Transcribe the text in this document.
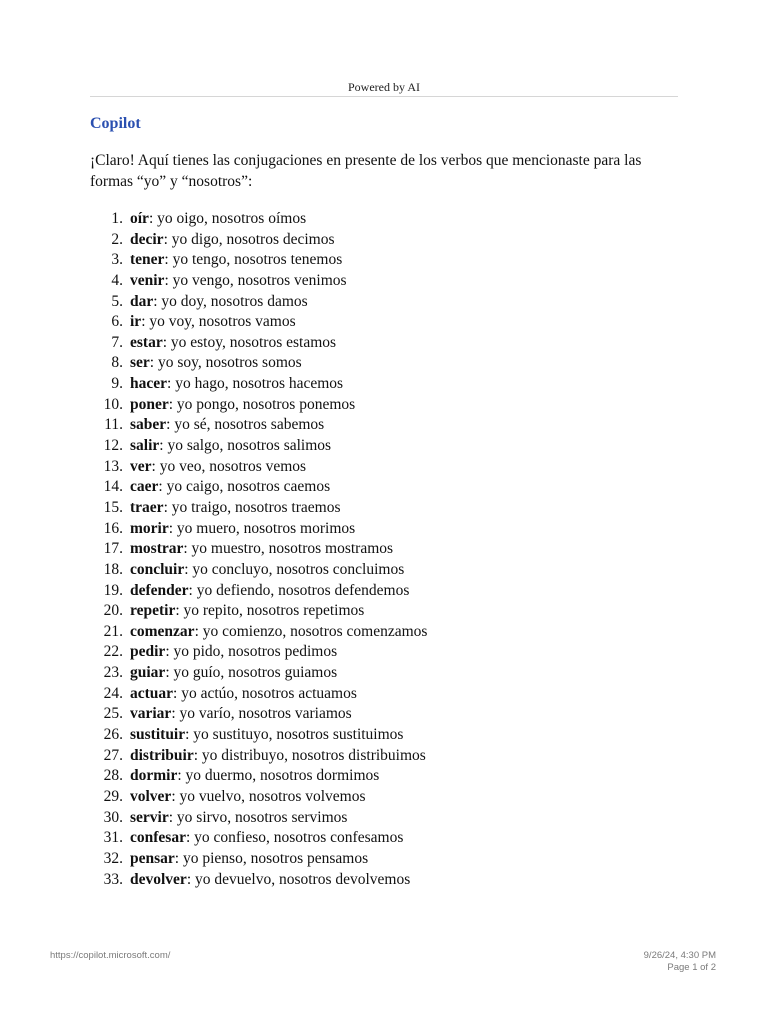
Powered by AI
Copilot

¡Claro! Aquí tienes las conjugaciones en presente de los verbos que mencionaste para las formas “yo” y “nosotros”:

1. oír: yo oigo, nosotros oímos
2. decir: yo digo, nosotros decimos
3. tener: yo tengo, nosotros tenemos
4. venir: yo vengo, nosotros venimos
5. dar: yo doy, nosotros damos
6. ir: yo voy, nosotros vamos
7. estar: yo estoy, nosotros estamos
8. ser: yo soy, nosotros somos
9. hacer: yo hago, nosotros hacemos
10. poner: yo pongo, nosotros ponemos
11. saber: yo sé, nosotros sabemos
12. salir: yo salgo, nosotros salimos
13. ver: yo veo, nosotros vemos
14. caer: yo caigo, nosotros caemos
15. traer: yo traigo, nosotros traemos
16. morir: yo muero, nosotros morimos
17. mostrar: yo muestro, nosotros mostramos
18. concluir: yo concluyo, nosotros concluimos
19. defender: yo defiendo, nosotros defendemos
20. repetir: yo repito, nosotros repetimos
21. comenzar: yo comienzo, nosotros comenzamos
22. pedir: yo pido, nosotros pedimos
23. guiar: yo guío, nosotros guiamos
24. actuar: yo actúo, nosotros actuamos
25. variar: yo varío, nosotros variamos
26. sustituir: yo sustituyo, nosotros sustituimos
27. distribuir: yo distribuyo, nosotros distribuimos
28. dormir: yo duermo, nosotros dormimos
29. volver: yo vuelvo, nosotros volvemos
30. servir: yo sirvo, nosotros servimos
31. confesar: yo confieso, nosotros confesamos
32. pensar: yo pienso, nosotros pensamos
33. devolver: yo devuelvo, nosotros devolvemos
https://copilot.microsoft.com/	9/26/24, 4:30 PM
Page 1 of 2
